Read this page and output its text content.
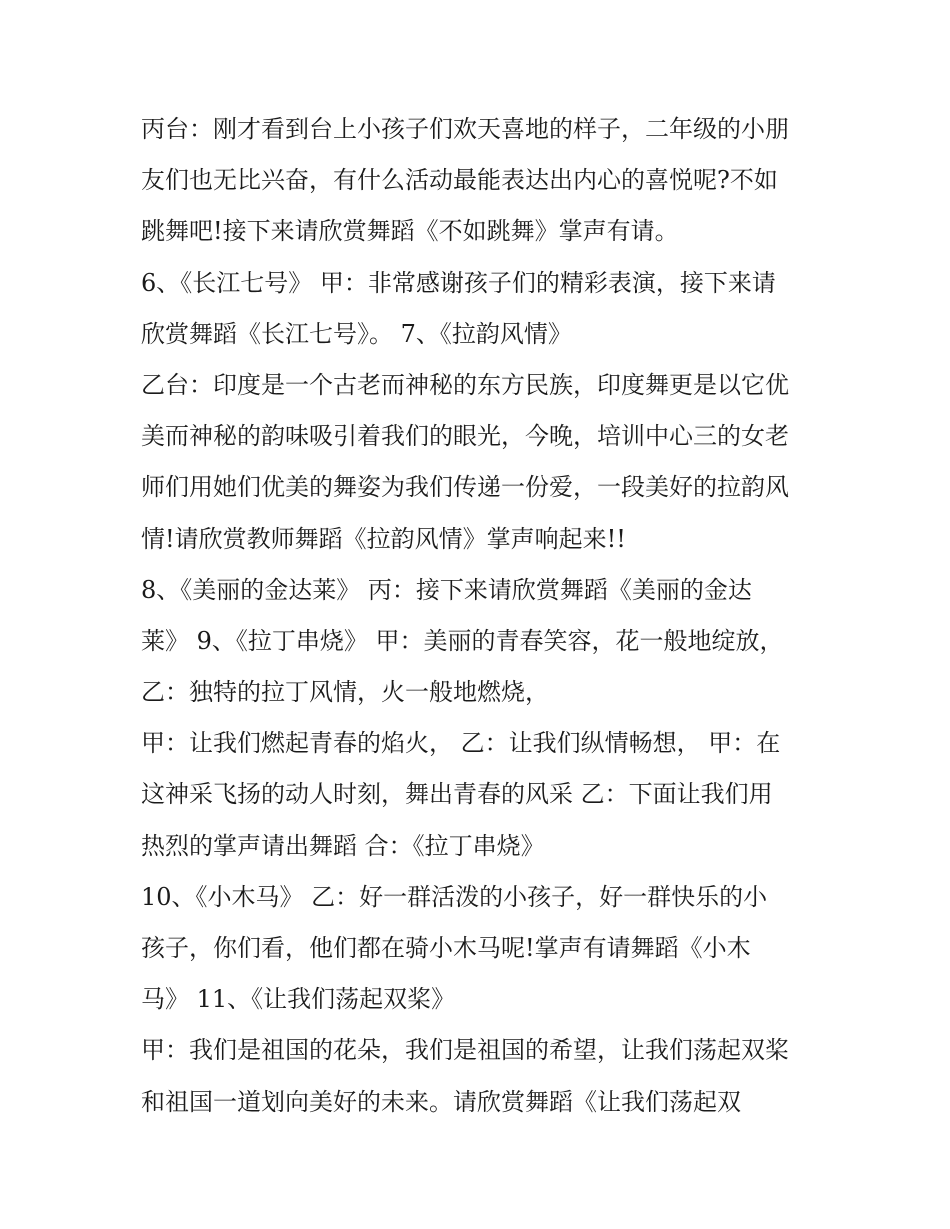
丙台：刚才看到台上小孩子们欢天喜地的样子，二年级的小朋
友们也无比兴奋，有什么活动最能表达出内心的喜悦呢?不如
跳舞吧!接下来请欣赏舞蹈《不如跳舞》掌声有请。
6、《长江七号》 甲：非常感谢孩子们的精彩表演，接下来请
欣赏舞蹈《长江七号》。 7、《拉韵风情》
乙台：印度是一个古老而神秘的东方民族，印度舞更是以它优
美而神秘的韵味吸引着我们的眼光，今晚，培训中心三的女老
师们用她们优美的舞姿为我们传递一份爱，一段美好的拉韵风
情!请欣赏教师舞蹈《拉韵风情》掌声响起来!!
8、《美丽的金达莱》 丙：接下来请欣赏舞蹈《美丽的金达
莱》 9、《拉丁串烧》 甲：美丽的青春笑容，花一般地绽放，
乙：独特的拉丁风情，火一般地燃烧，
甲：让我们燃起青春的焰火， 乙：让我们纵情畅想， 甲：在
这神采飞扬的动人时刻，舞出青春的风采 乙：下面让我们用
热烈的掌声请出舞蹈 合：《拉丁串烧》
10、《小木马》 乙：好一群活泼的小孩子，好一群快乐的小
孩子，你们看，他们都在骑小木马呢!掌声有请舞蹈《小木
马》 11、《让我们荡起双桨》
甲：我们是祖国的花朵，我们是祖国的希望，让我们荡起双桨
和祖国一道划向美好的未来。请欣赏舞蹈《让我们荡起双
